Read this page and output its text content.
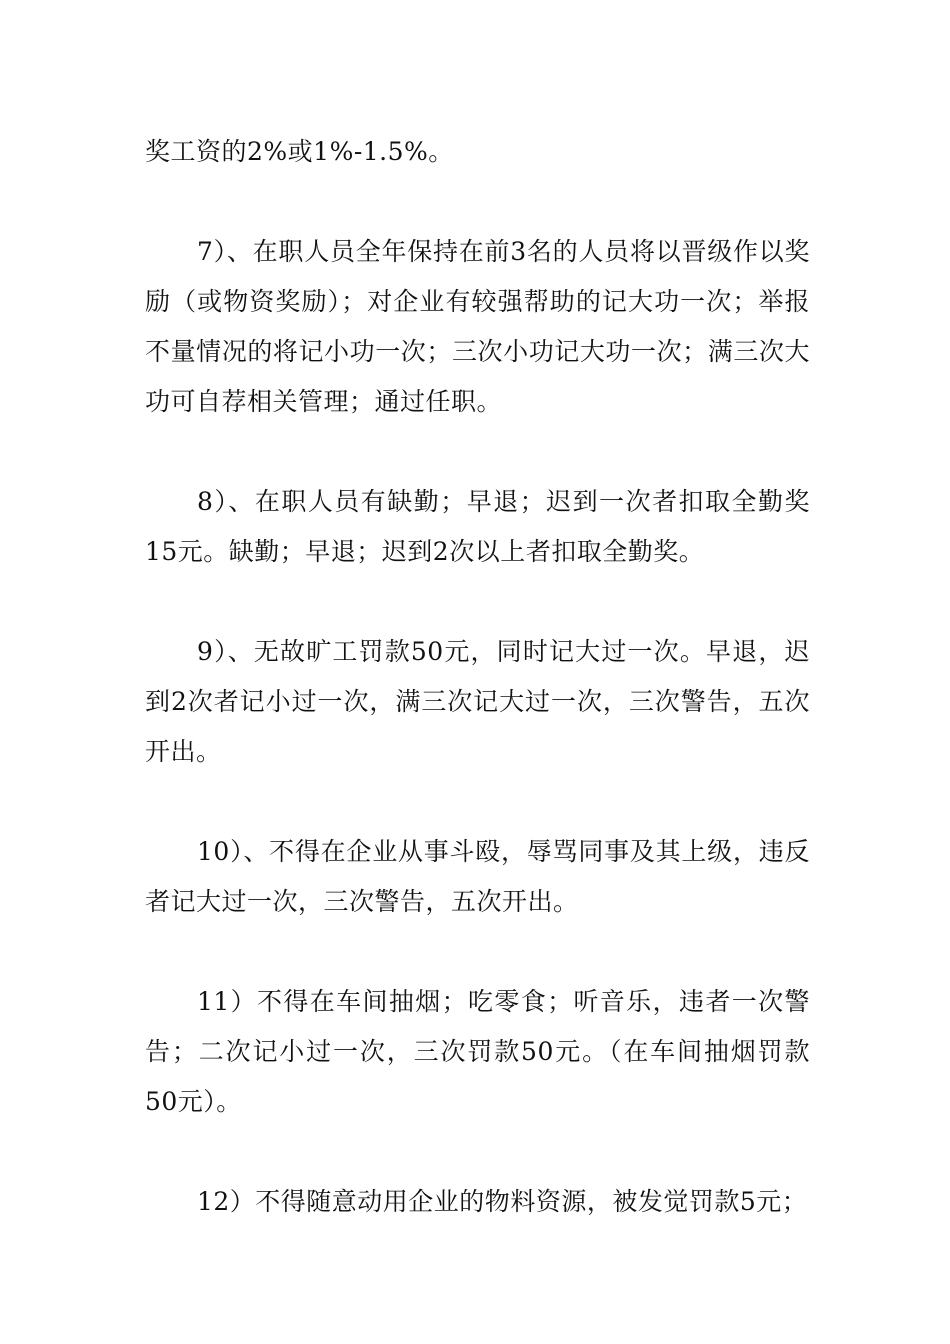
奖工资的2%或1%-1.5%。

7）、在职人员全年保持在前3名的人员将以晋级作以奖励（或物资奖励）；对企业有较强帮助的记大功一次；举报不量情况的将记小功一次；三次小功记大功一次；满三次大功可自荐相关管理；通过任职。

8）、在职人员有缺勤；早退；迟到一次者扣取全勤奖15元。缺勤；早退；迟到2次以上者扣取全勤奖。

9）、无故旷工罚款50元，同时记大过一次。早退，迟到2次者记小过一次，满三次记大过一次，三次警告，五次开出。

10）、不得在企业从事斗殴，辱骂同事及其上级，违反者记大过一次，三次警告，五次开出。

11）不得在车间抽烟；吃零食；听音乐，违者一次警告；二次记小过一次，三次罚款50元。（在车间抽烟罚款50元）。

12）不得随意动用企业的物料资源，被发觉罚款5元；
